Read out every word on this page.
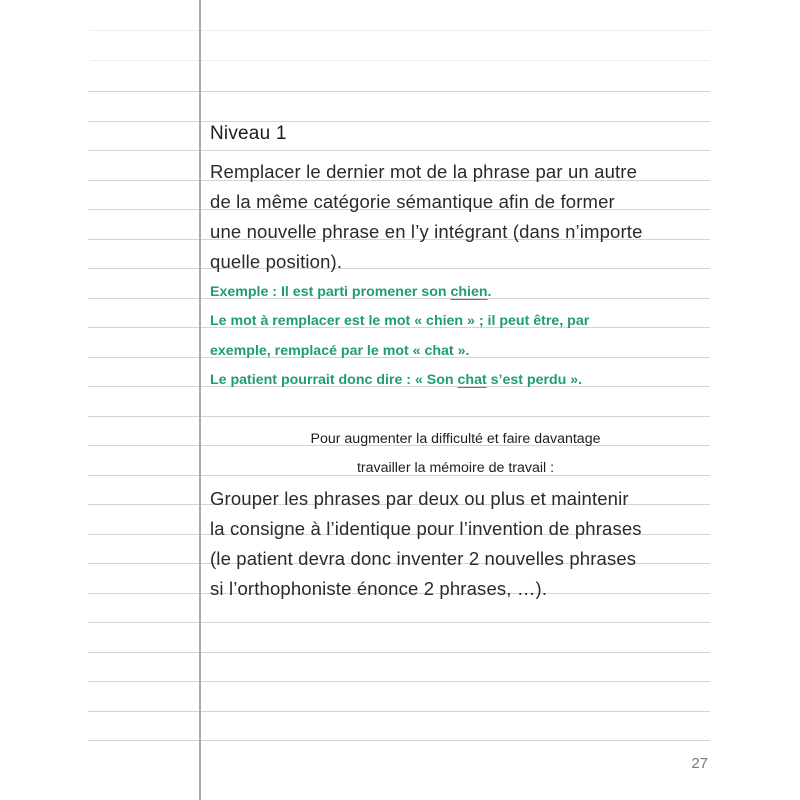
Niveau 1
Remplacer le dernier mot de la phrase par un autre
de la même catégorie sémantique afin de former
une nouvelle phrase en l’y intégrant (dans n’importe
quelle position).
Exemple : Il est parti promener son chien.
Le mot à remplacer est le mot « chien » ; il peut être, par
exemple, remplacé par le mot « chat ».
Le patient pourrait donc dire : « Son chat s’est perdu ».
Pour augmenter la difficulté et faire davantage
travailler la mémoire de travail :
Grouper les phrases par deux ou plus et maintenir
la consigne à l’identique pour l’invention de phrases
(le patient devra donc inventer 2 nouvelles phrases
si l’orthophoniste énonce 2 phrases, …).
27
